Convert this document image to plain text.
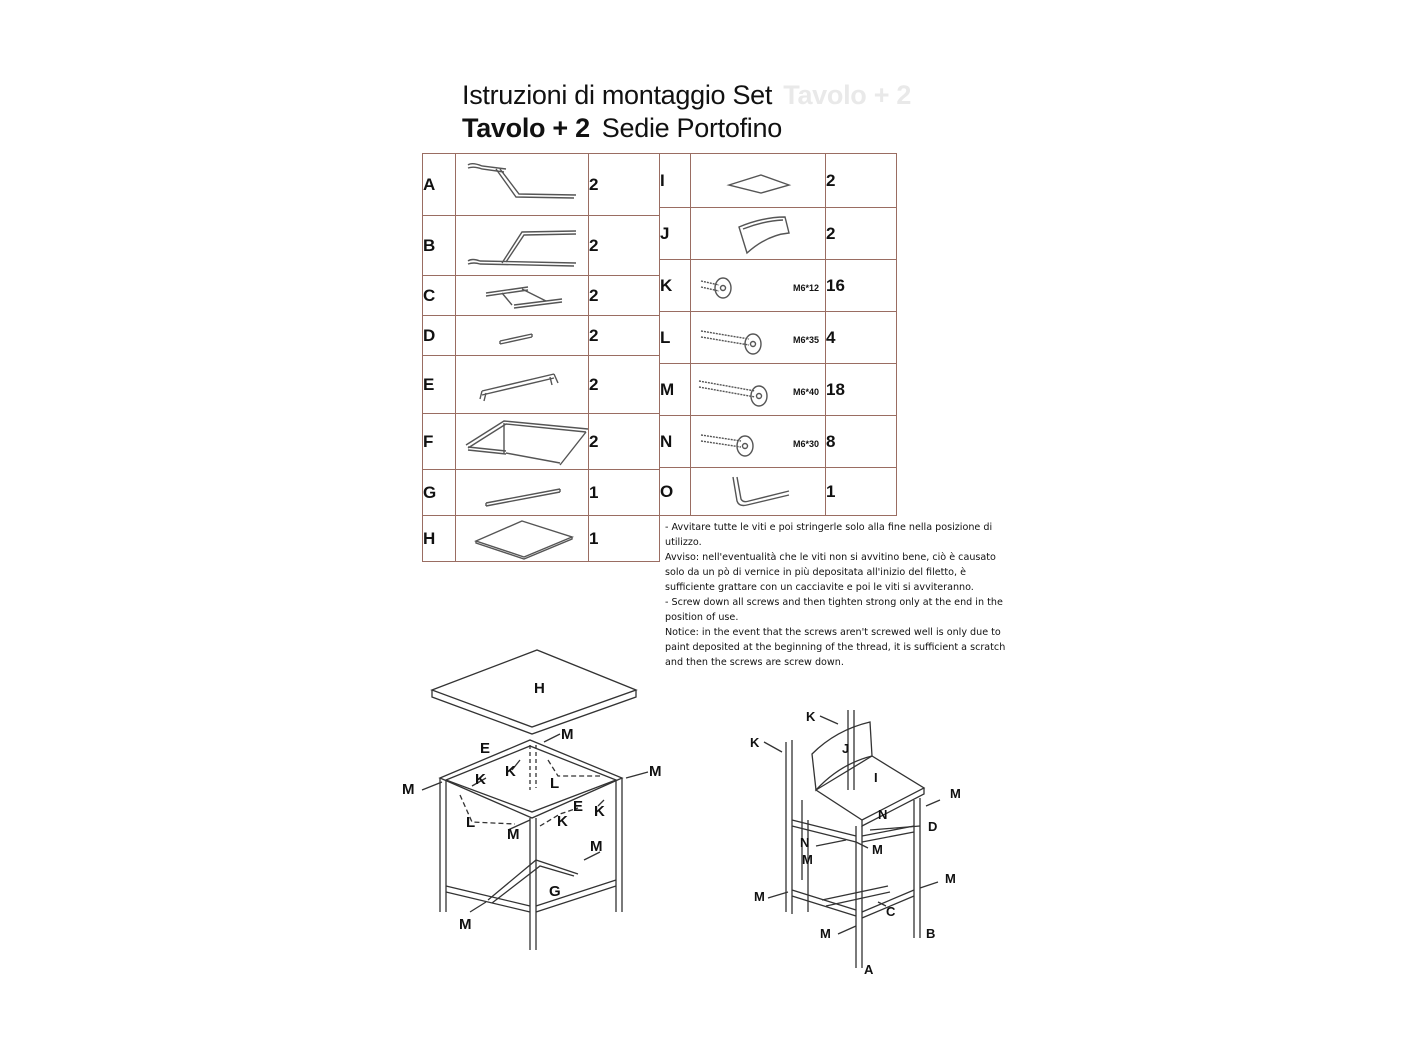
Istruzioni di montaggio Set Tavolo + 2
Tavolo + 2 Sedie Portofino
A		2
B		2
C		2
D		2
E		2
F		2
G		1
H		1
I		2
J		2
K	M6*12	16
L	M6*35	4
M	M6*40	18
N	M6*30	8
O		1

- Avvitare tutte le viti e poi stringerle solo alla fine nella posizione di utilizzo.

Avviso: nell'eventualità che le viti non si avvitino bene, ciò è causato solo da un pò di vernice in più depositata all'inizio del filetto, è sufficiente grattare con un cacciavite e poi le viti si avviteranno.

- Screw down all screws and then tighten strong only at the end in the position of use.

Notice: in the event that the screws aren't screwed well is only due to paint deposited at the beginning of the thread, it is sufficient a scratch and then the screws are screw down.

H
E
M
M
M
K
K	L
E K
L	K
M
M
G
M
K
K	J
I
M
N
D
N	M
M
M
M
C
M	B
A
